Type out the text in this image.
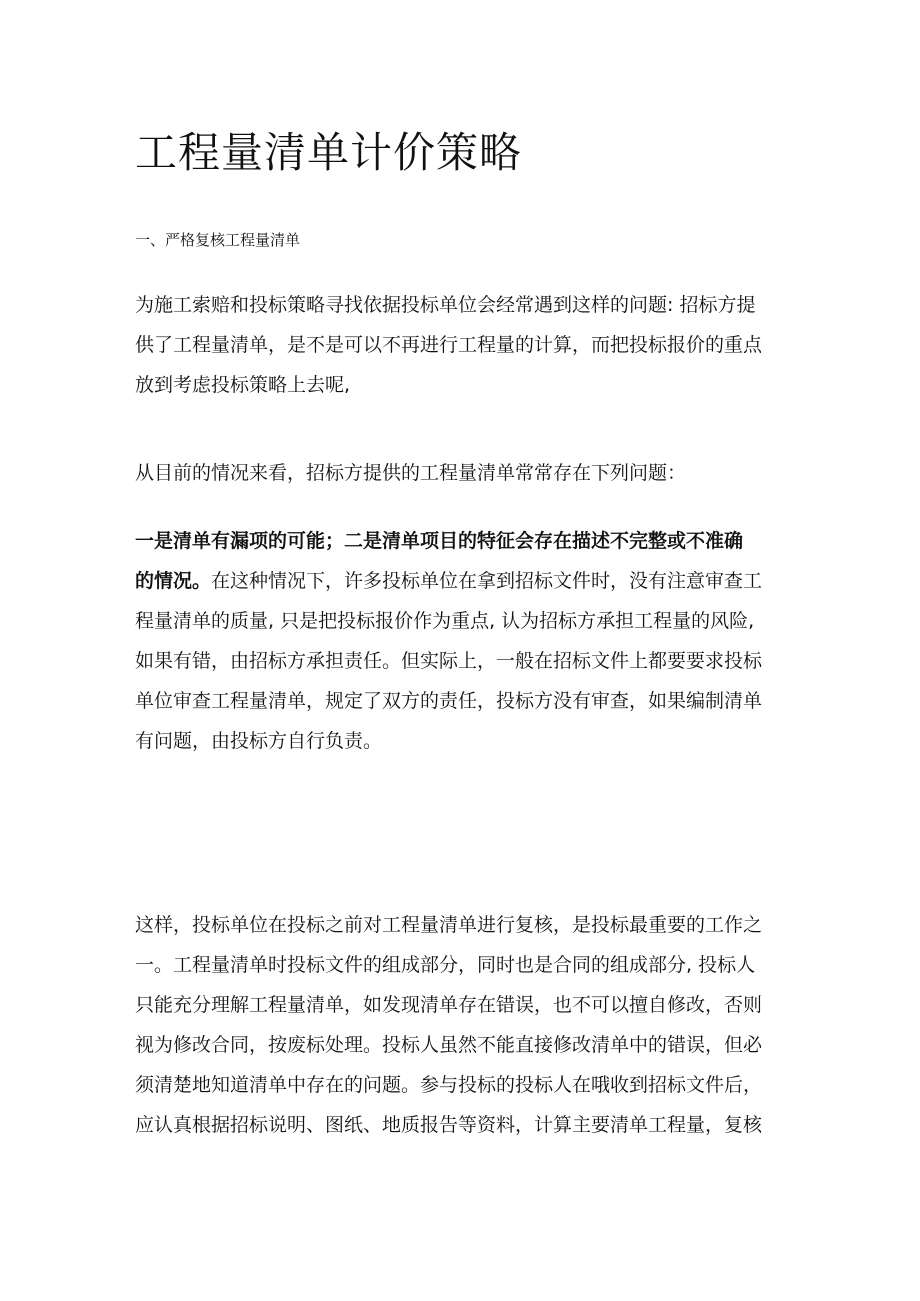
工程量清单计价策略

一、严格复核工程量清单

为施工索赔和投标策略寻找依据投标单位会经常遇到这样的问题: 招标方提
供了工程量清单，是不是可以不再进行工程量的计算，而把投标报价的重点
放到考虑投标策略上去呢,

从目前的情况来看，招标方提供的工程量清单常常存在下列问题：

一是清单有漏项的可能；二是清单项目的特征会存在描述不完整或不准确
的情况。在这种情况下，许多投标单位在拿到招标文件时，没有注意审查工
程量清单的质量, 只是把投标报价作为重点, 认为招标方承担工程量的风险,
如果有错，由招标方承担责任。但实际上，一般在招标文件上都要要求投标
单位审查工程量清单，规定了双方的责任，投标方没有审查，如果编制清单
有问题，由投标方自行负责。

这样，投标单位在投标之前对工程量清单进行复核，是投标最重要的工作之
一。工程量清单时投标文件的组成部分，同时也是合同的组成部分, 投标人
只能充分理解工程量清单，如发现清单存在错误，也不可以擅自修改，否则
视为修改合同，按废标处理。投标人虽然不能直接修改清单中的错误，但必
须清楚地知道清单中存在的问题。参与投标的投标人在哦收到招标文件后，
应认真根据招标说明、图纸、地质报告等资料，计算主要清单工程量，复核
